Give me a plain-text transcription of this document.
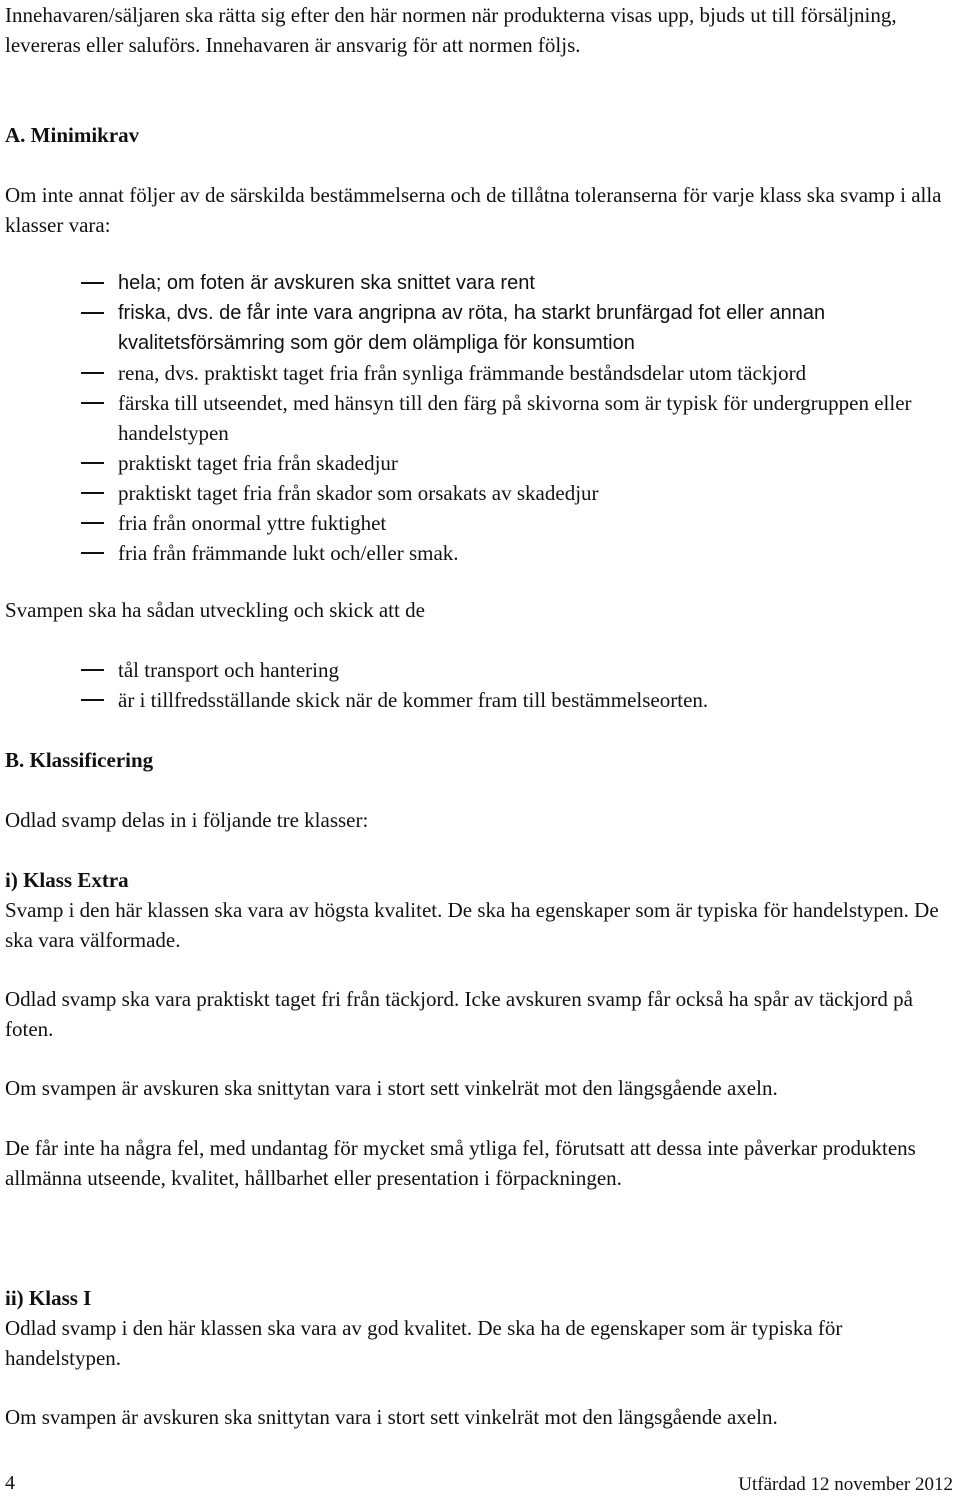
Innehavaren/säljaren ska rätta sig efter den här normen när produkterna visas upp, bjuds ut till försäljning, levereras eller saluförs. Innehavaren är ansvarig för att normen följs.

A. Minimikrav

Om inte annat följer av de särskilda bestämmelserna och de tillåtna toleranserna för varje klass ska svamp i alla klasser vara:

hela; om foten är avskuren ska snittet vara rent
friska, dvs. de får inte vara angripna av röta, ha starkt brunfärgad fot eller annan kvalitetsförsämring som gör dem olämpliga för konsumtion
rena, dvs. praktiskt taget fria från synliga främmande beståndsdelar utom täckjord
färska till utseendet, med hänsyn till den färg på skivorna som är typisk för undergruppen eller handelstypen
praktiskt taget fria från skadedjur
praktiskt taget fria från skador som orsakats av skadedjur
fria från onormal yttre fuktighet
fria från främmande lukt och/eller smak.

Svampen ska ha sådan utveckling och skick att de

tål transport och hantering
är i tillfredsställande skick när de kommer fram till bestämmelseorten.

B. Klassificering

Odlad svamp delas in i följande tre klasser:

i) Klass Extra

Svamp i den här klassen ska vara av högsta kvalitet. De ska ha egenskaper som är typiska för handelstypen. De ska vara välformade.

Odlad svamp ska vara praktiskt taget fri från täckjord. Icke avskuren svamp får också ha spår av täckjord på foten.

Om svampen är avskuren ska snittytan vara i stort sett vinkelrät mot den längsgående axeln.

De får inte ha några fel, med undantag för mycket små ytliga fel, förutsatt att dessa inte påverkar produktens allmänna utseende, kvalitet, hållbarhet eller presentation i förpackningen.

ii) Klass I

Odlad svamp i den här klassen ska vara av god kvalitet. De ska ha de egenskaper som är typiska för handelstypen.

Om svampen är avskuren ska snittytan vara i stort sett vinkelrät mot den längsgående axeln.

4	Utfärdad 12 november 2012
